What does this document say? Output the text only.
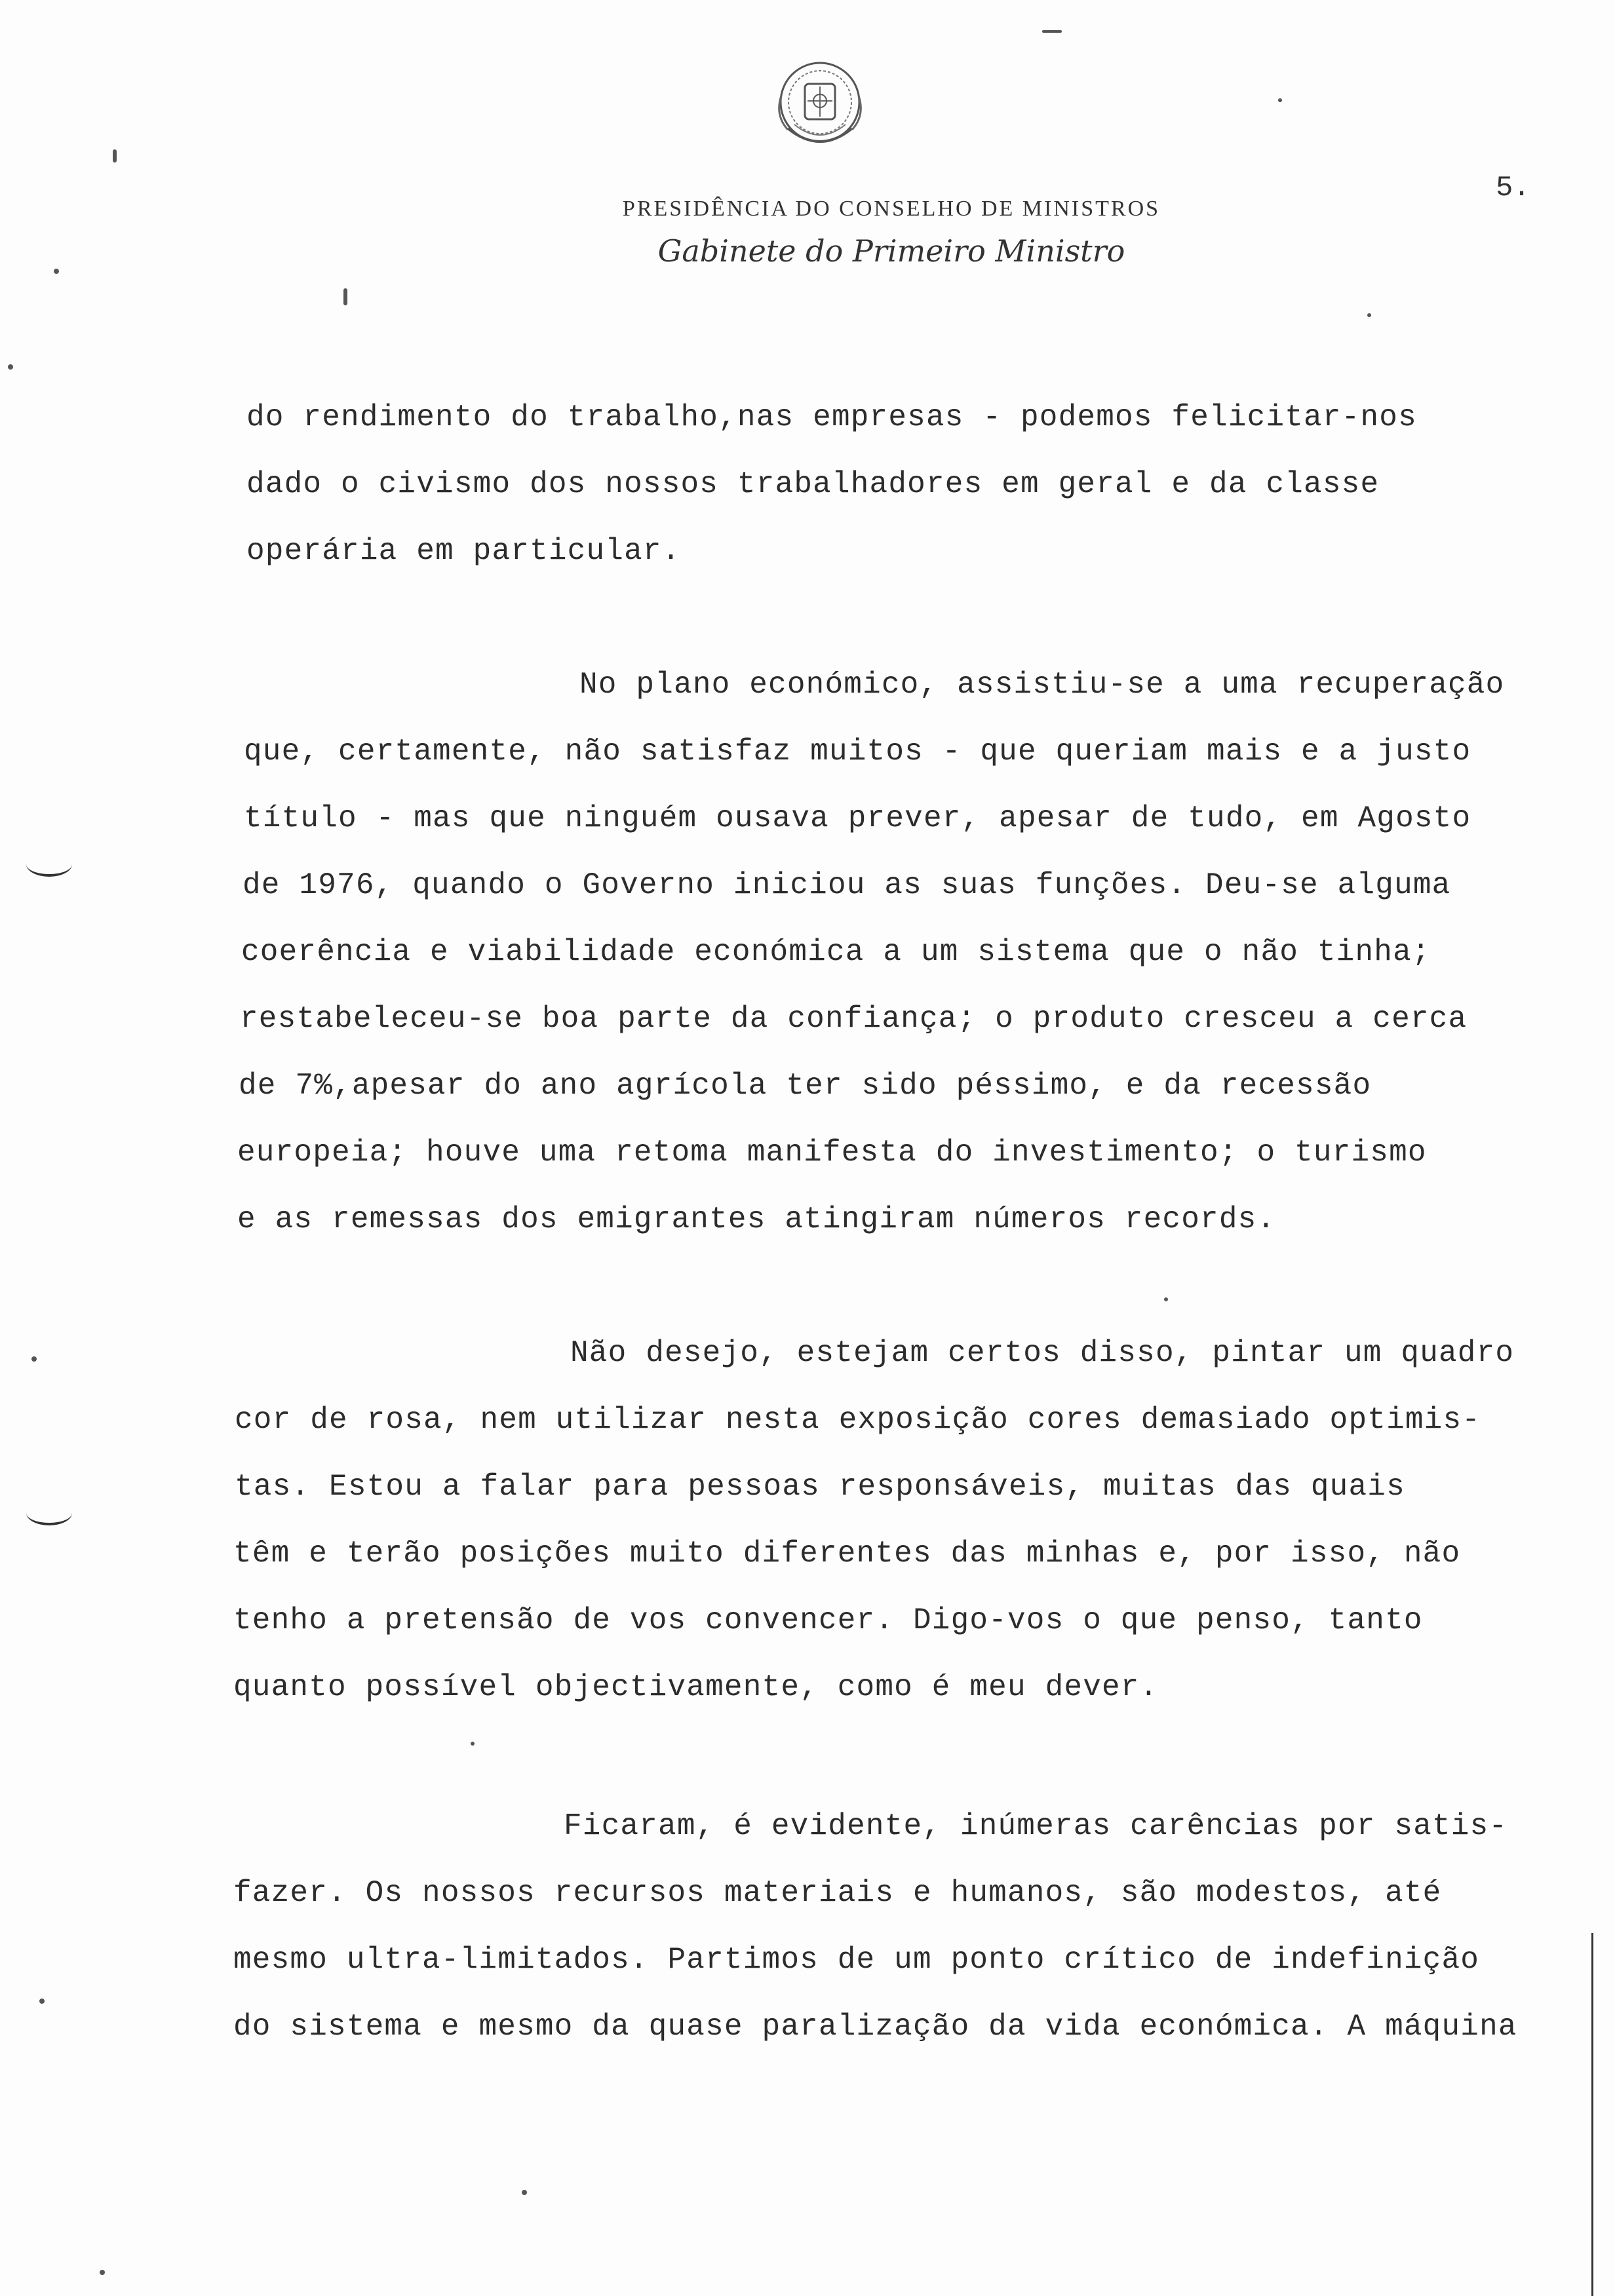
PRESIDÊNCIA DO CONSELHO DE MINISTROS
Gabinete do Primeiro Ministro
5.
do rendimento do trabalho,nas empresas - podemos felicitar-nos
dado o civismo dos nossos trabalhadores em geral e da classe
operária em particular.
No plano económico, assistiu-se a uma recuperação
que, certamente, não satisfaz muitos - que queriam mais e a justo
título - mas que ninguém ousava prever, apesar de tudo, em Agosto
de 1976, quando o Governo iniciou as suas funções. Deu-se alguma
coerência e viabilidade económica a um sistema que o não tinha;
restabeleceu-se boa parte da confiança; o produto cresceu a cerca
de 7%,apesar do ano agrícola ter sido péssimo, e da recessão
europeia; houve uma retoma manifesta do investimento; o turismo
e as remessas dos emigrantes atingiram números records.
Não desejo, estejam certos disso, pintar um quadro
cor de rosa, nem utilizar nesta exposição cores demasiado optimis-
tas. Estou a falar para pessoas responsáveis, muitas das quais
têm e terão posições muito diferentes das minhas e, por isso, não
tenho a pretensão de vos convencer. Digo-vos o que penso, tanto
quanto possível objectivamente, como é meu dever.
Ficaram, é evidente, inúmeras carências por satis-
fazer. Os nossos recursos materiais e humanos, são modestos, até
mesmo ultra-limitados. Partimos de um ponto crítico de indefinição
do sistema e mesmo da quase paralização da vida económica. A máquina
